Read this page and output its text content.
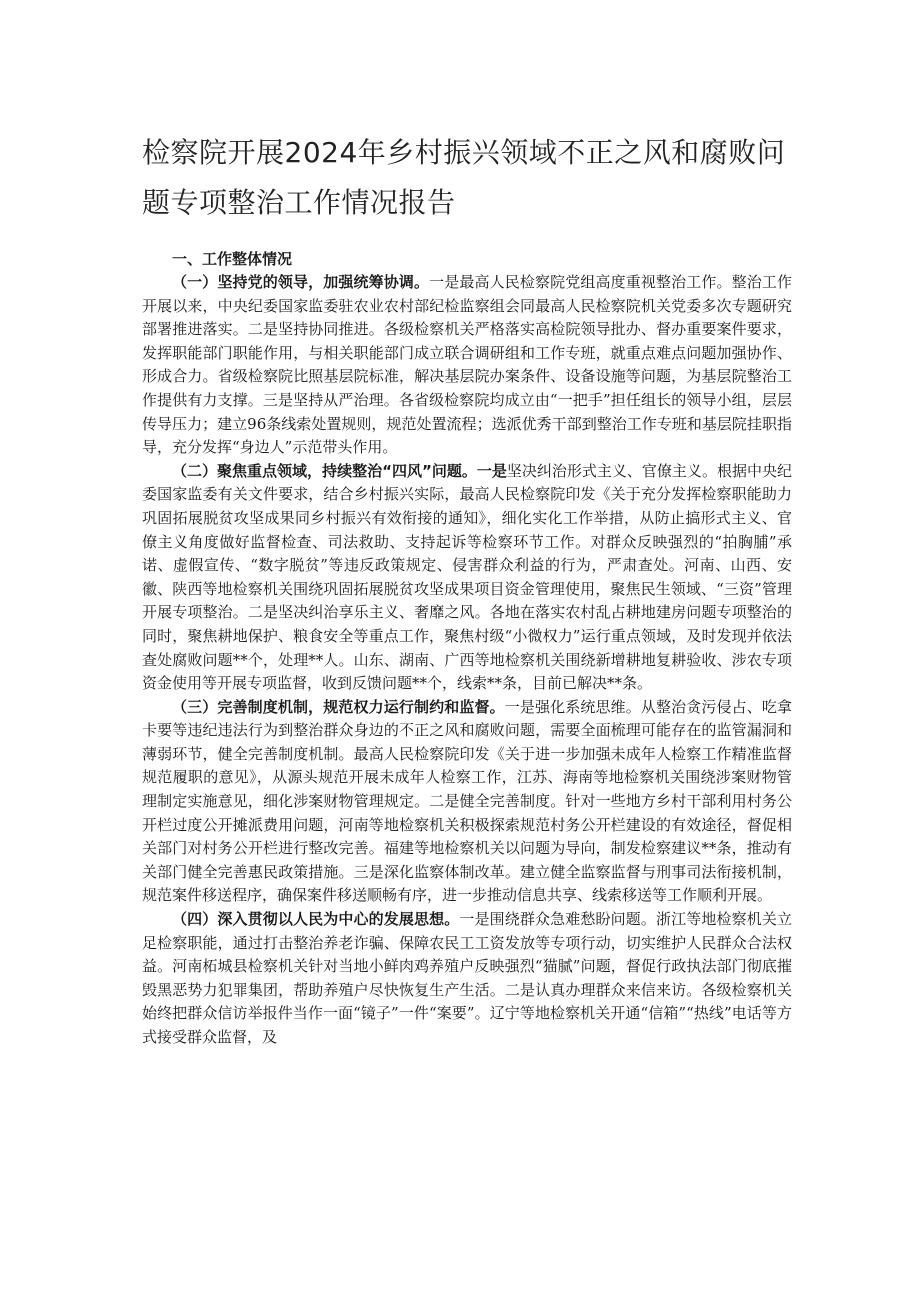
检察院开展2024年乡村振兴领域不正之风和腐败问题专项整治工作情况报告

一、工作整体情况

（一）坚持党的领导，加强统筹协调。一是最高人民检察院党组高度重视整治工作。整治工作开展以来，中央纪委国家监委驻农业农村部纪检监察组会同最高人民检察院机关党委多次专题研究部署推进落实。二是坚持协同推进。各级检察机关严格落实高检院领导批办、督办重要案件要求，发挥职能部门职能作用，与相关职能部门成立联合调研组和工作专班，就重点难点问题加强协作、形成合力。省级检察院比照基层院标准，解决基层院办案条件、设备设施等问题，为基层院整治工作提供有力支撑。三是坚持从严治理。各省级检察院均成立由“一把手”担任组长的领导小组，层层传导压力；建立96条线索处置规则，规范处置流程；选派优秀干部到整治工作专班和基层院挂职指导，充分发挥“身边人”示范带头作用。

（二）聚焦重点领域，持续整治“四风”问题。一是坚决纠治形式主义、官僚主义。根据中央纪委国家监委有关文件要求，结合乡村振兴实际，最高人民检察院印发《关于充分发挥检察职能助力巩固拓展脱贫攻坚成果同乡村振兴有效衔接的通知》，细化实化工作举措，从防止搞形式主义、官僚主义角度做好监督检查、司法救助、支持起诉等检察环节工作。对群众反映强烈的“拍胸脯”承诺、虚假宣传、“数字脱贫”等违反政策规定、侵害群众利益的行为，严肃查处。河南、山西、安徽、陕西等地检察机关围绕巩固拓展脱贫攻坚成果项目资金管理使用，聚焦民生领域、“三资”管理开展专项整治。二是坚决纠治享乐主义、奢靡之风。各地在落实农村乱占耕地建房问题专项整治的同时，聚焦耕地保护、粮食安全等重点工作，聚焦村级“小微权力”运行重点领域，及时发现并依法查处腐败问题**个，处理**人。山东、湖南、广西等地检察机关围绕新增耕地复耕验收、涉农专项资金使用等开展专项监督，收到反馈问题**个，线索**条，目前已解决**条。

（三）完善制度机制，规范权力运行制约和监督。一是强化系统思维。从整治贪污侵占、吃拿卡要等违纪违法行为到整治群众身边的不正之风和腐败问题，需要全面梳理可能存在的监管漏洞和薄弱环节，健全完善制度机制。最高人民检察院印发《关于进一步加强未成年人检察工作精准监督规范履职的意见》，从源头规范开展未成年人检察工作，江苏、海南等地检察机关围绕涉案财物管理制定实施意见，细化涉案财物管理规定。二是健全完善制度。针对一些地方乡村干部利用村务公开栏过度公开摊派费用问题，河南等地检察机关积极探索规范村务公开栏建设的有效途径，督促相关部门对村务公开栏进行整改完善。福建等地检察机关以问题为导向，制发检察建议**条，推动有关部门健全完善惠民政策措施。三是深化监察体制改革。建立健全监察监督与刑事司法衔接机制，规范案件移送程序，确保案件移送顺畅有序，进一步推动信息共享、线索移送等工作顺利开展。

（四）深入贯彻以人民为中心的发展思想。一是围绕群众急难愁盼问题。浙江等地检察机关立足检察职能，通过打击整治养老诈骗、保障农民工工资发放等专项行动，切实维护人民群众合法权益。河南柘城县检察机关针对当地小鲜肉鸡养殖户反映强烈“猫腻”问题，督促行政执法部门彻底摧毁黑恶势力犯罪集团，帮助养殖户尽快恢复生产生活。二是认真办理群众来信来访。各级检察机关始终把群众信访举报件当作一面“镜子”一件“案要”。辽宁等地检察机关开通“信箱”“热线”电话等方式接受群众监督，及
